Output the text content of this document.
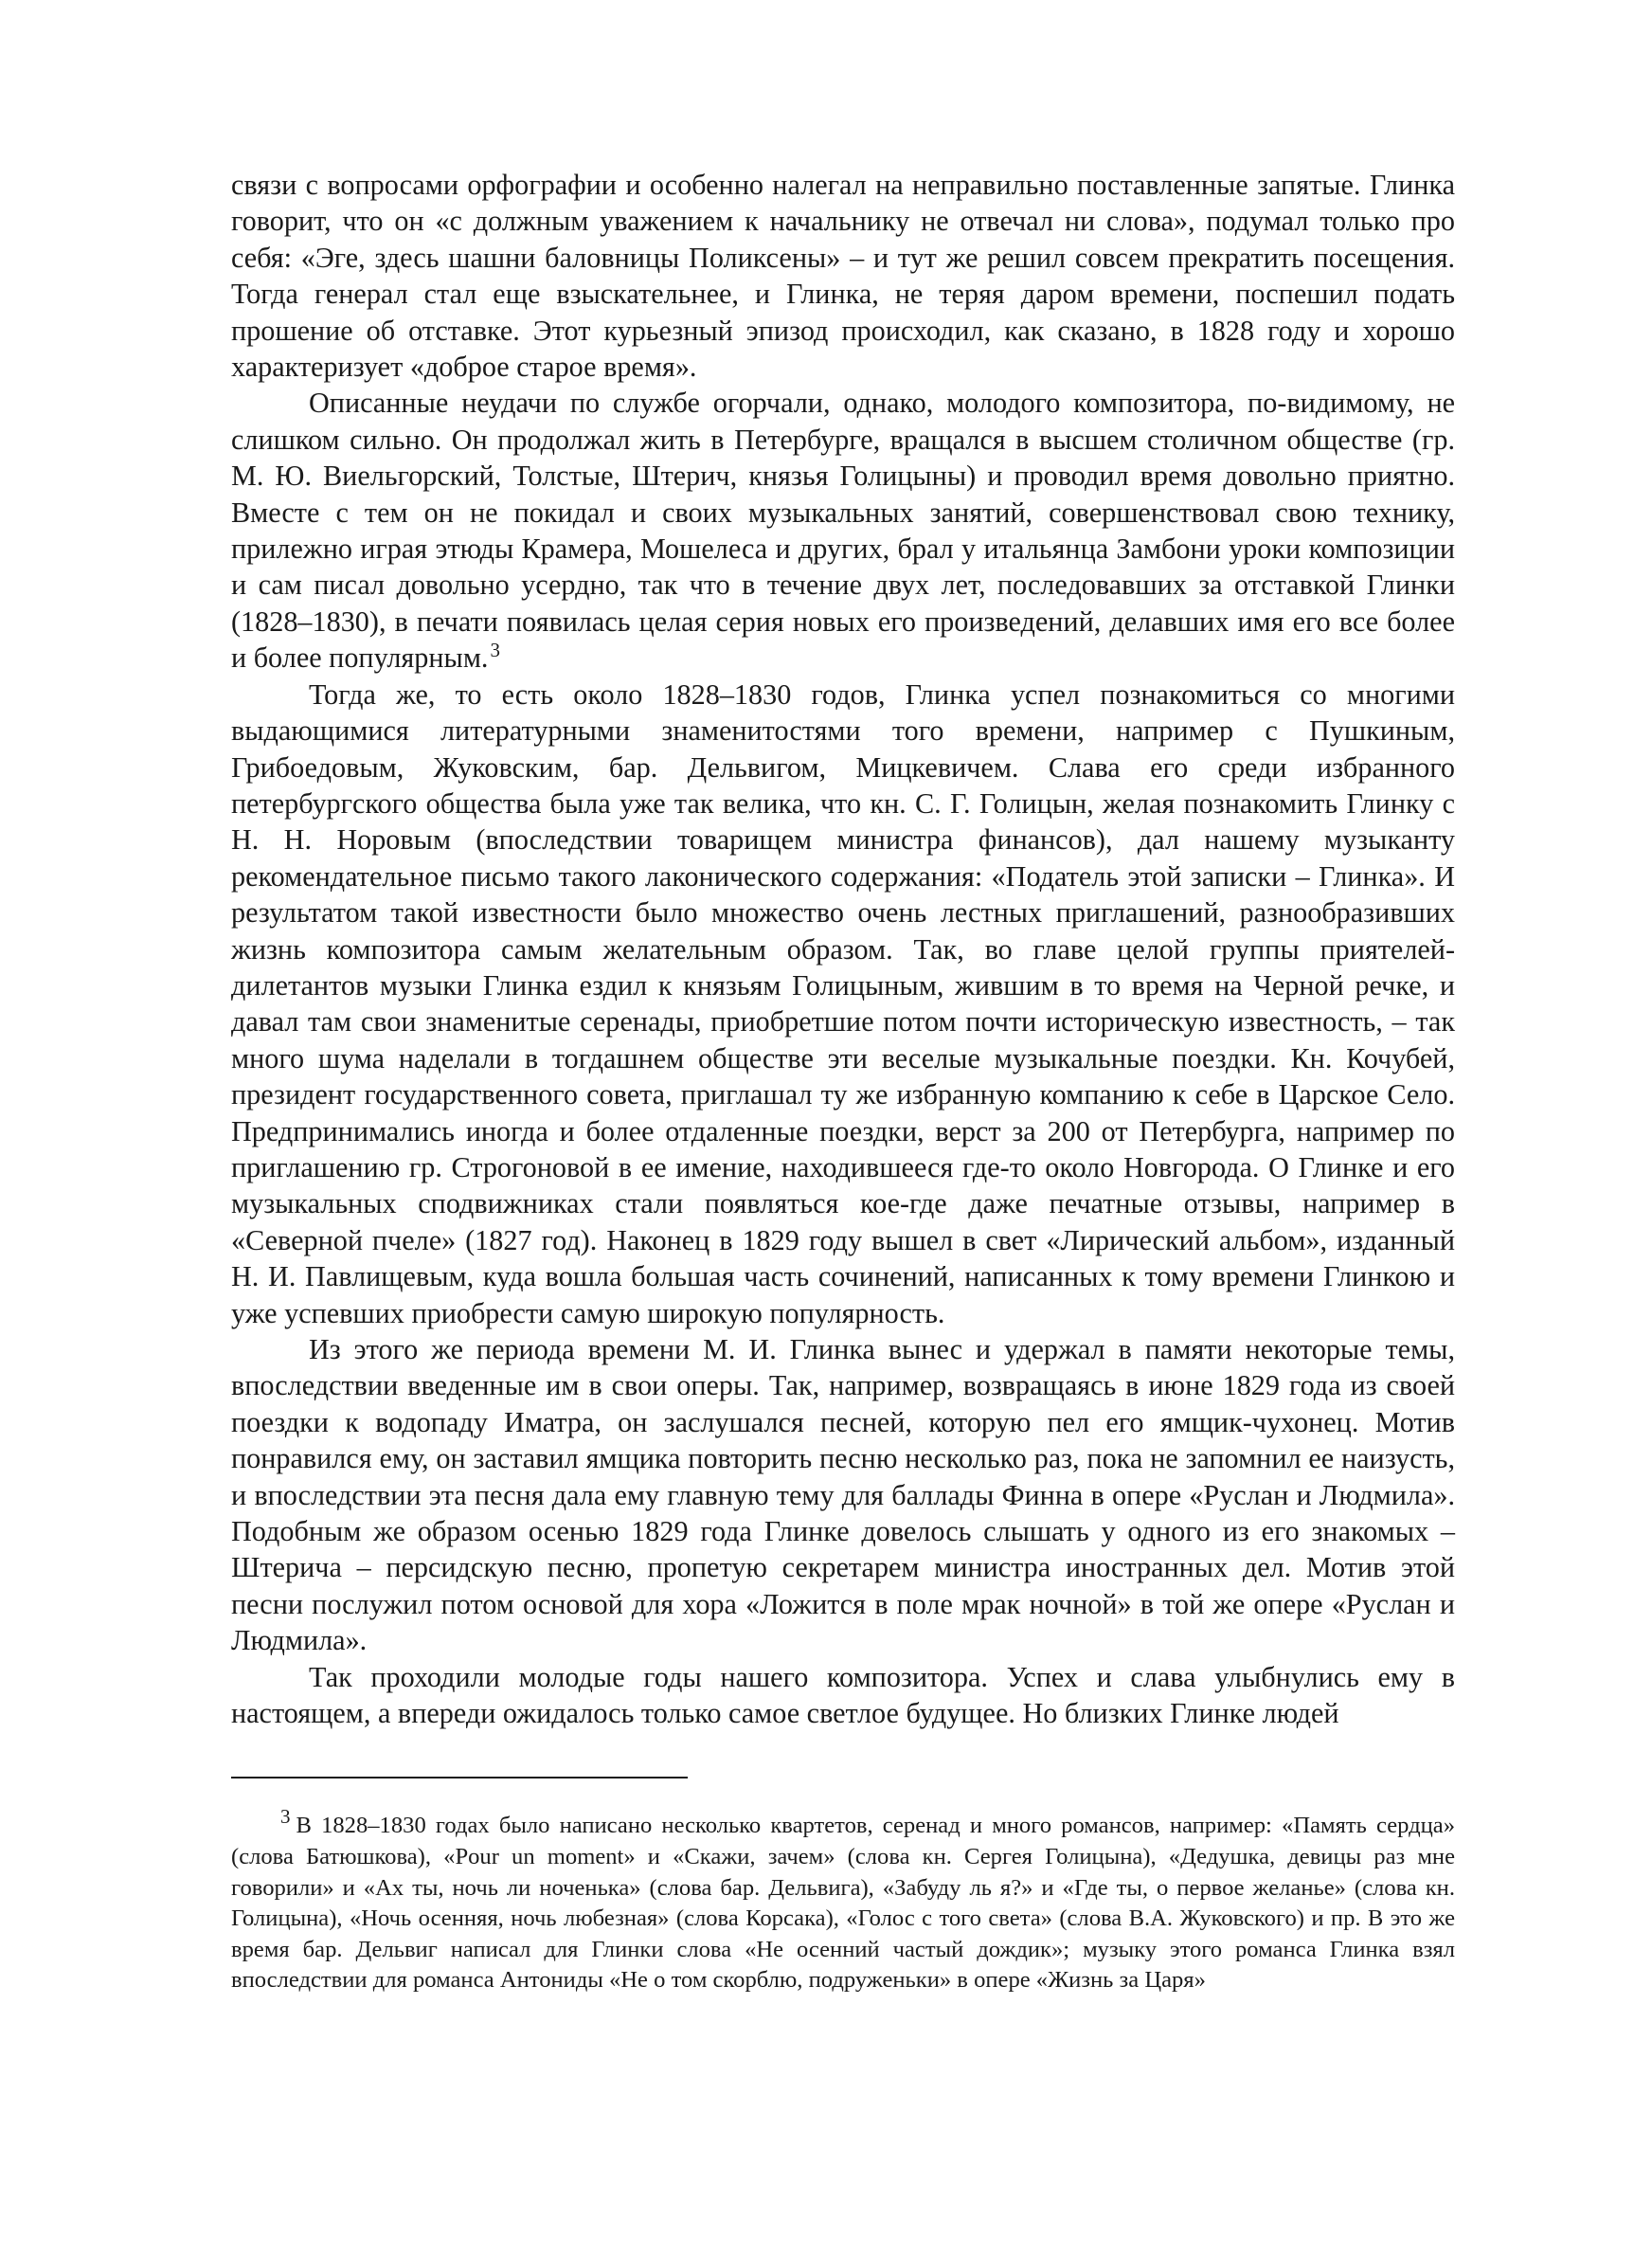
связи с вопросами орфографии и особенно налегал на неправильно поставленные запятые. Глинка говорит, что он «с должным уважением к начальнику не отвечал ни слова», подумал только про себя: «Эге, здесь шашни баловницы Поликсены» – и тут же решил совсем прекратить посещения. Тогда генерал стал еще взыскательнее, и Глинка, не теряя даром времени, поспешил подать прошение об отставке. Этот курьезный эпизод происходил, как сказано, в 1828 году и хорошо характеризует «доброе старое время».

Описанные неудачи по службе огорчали, однако, молодого композитора, по-видимому, не слишком сильно. Он продолжал жить в Петербурге, вращался в высшем столичном обществе (гр. М. Ю. Виельгорский, Толстые, Штерич, князья Голицыны) и проводил время довольно приятно. Вместе с тем он не покидал и своих музыкальных занятий, совершенствовал свою технику, прилежно играя этюды Крамера, Мошелеса и других, брал у итальянца Замбони уроки композиции и сам писал довольно усердно, так что в течение двух лет, последовавших за отставкой Глинки (1828–1830), в печати появилась целая серия новых его произведений, делавших имя его все более и более популярным.$^3$

Тогда же, то есть около 1828–1830 годов, Глинка успел познакомиться со многими выдающимися литературными знаменитостями того времени, например с Пушкиным, Грибоедовым, Жуковским, бар. Дельвигом, Мицкевичем. Слава его среди избранного петербургского общества была уже так велика, что кн. С. Г. Голицын, желая познакомить Глинку с Н. Н. Норовым (впоследствии товарищем министра финансов), дал нашему музыканту рекомендательное письмо такого лаконического содержания: «Податель этой записки – Глинка». И результатом такой известности было множество очень лестных приглашений, разнообразивших жизнь композитора самым желательным образом. Так, во главе целой группы приятелей-дилетантов музыки Глинка ездил к князьям Голицыным, жившим в то время на Черной речке, и давал там свои знаменитые серенады, приобретшие потом почти историческую известность, – так много шума наделали в тогдашнем обществе эти веселые музыкальные поездки. Кн. Кочубей, президент государственного совета, приглашал ту же избранную компанию к себе в Царское Село. Предпринимались иногда и более отдаленные поездки, верст за 200 от Петербурга, например по приглашению гр. Строгоновой в ее имение, находившееся где-то около Новгорода. О Глинке и его музыкальных сподвижниках стали появляться кое-где даже печатные отзывы, например в «Северной пчеле» (1827 год). Наконец в 1829 году вышел в свет «Лирический альбом», изданный Н. И. Павлищевым, куда вошла большая часть сочинений, написанных к тому времени Глинкою и уже успевших приобрести самую широкую популярность.

Из этого же периода времени М. И. Глинка вынес и удержал в памяти некоторые темы, впоследствии введенные им в свои оперы. Так, например, возвращаясь в июне 1829 года из своей поездки к водопаду Иматра, он заслушался песней, которую пел его ямщик-чухонец. Мотив понравился ему, он заставил ямщика повторить песню несколько раз, пока не запомнил ее наизусть, и впоследствии эта песня дала ему главную тему для баллады Финна в опере «Руслан и Людмила». Подобным же образом осенью 1829 года Глинке довелось слышать у одного из его знакомых – Штерича – персидскую песню, пропетую секретарем министра иностранных дел. Мотив этой песни послужил потом основой для хора «Ложится в поле мрак ночной» в той же опере «Руслан и Людмила».

Так проходили молодые годы нашего композитора. Успех и слава улыбнулись ему в настоящем, а впереди ожидалось только самое светлое будущее. Но близких Глинке людей

3 В 1828–1830 годах было написано несколько квартетов, серенад и много романсов, например: «Память сердца» (слова Батюшкова), «Pour un moment» и «Скажи, зачем» (слова кн. Сергея Голицына), «Дедушка, девицы раз мне говорили» и «Ах ты, ночь ли ноченька» (слова бар. Дельвига), «Забуду ль я?» и «Где ты, о первое желанье» (слова кн. Голицына), «Ночь осенняя, ночь любезная» (слова Корсака), «Голос с того света» (слова В.А. Жуковского) и пр. В это же время бар. Дельвиг написал для Глинки слова «Не осенний частый дождик»; музыку этого романса Глинка взял впоследствии для романса Антониды «Не о том скорблю, подруженьки» в опере «Жизнь за Царя»
